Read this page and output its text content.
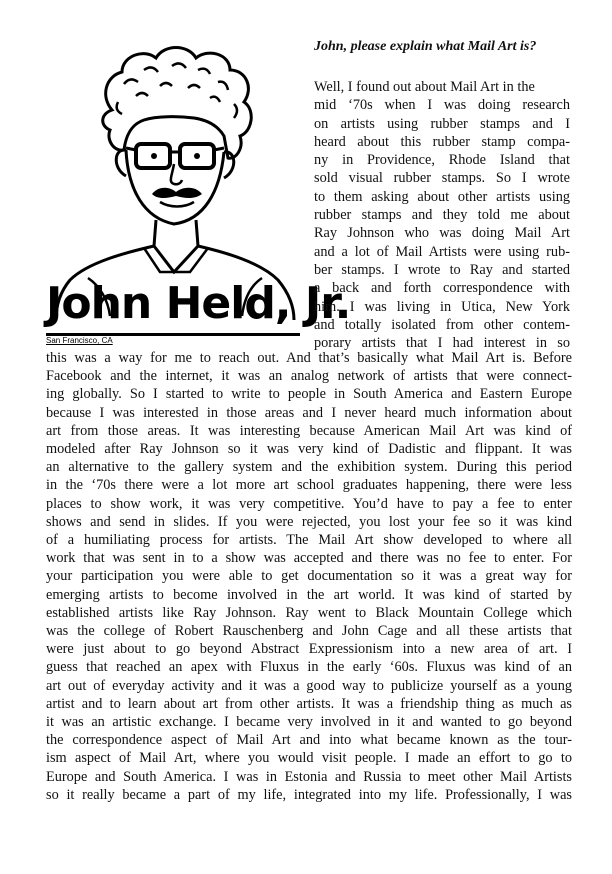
John Held, Jr.
San Francisco, CA
John, please explain what Mail Art is?
Well, I found out about Mail Art in the
mid ‘70s when I was doing research
on artists using rubber stamps and I
heard about this rubber stamp compa-
ny in Providence, Rhode Island that
sold visual rubber stamps. So I wrote
to them asking about other artists using
rubber stamps and they told me about
Ray Johnson who was doing Mail Art
and a lot of Mail Artists were using rub-
ber stamps. I wrote to Ray and started
a back and forth correspondence with
him. I was living in Utica, New York
and totally isolated from other contem-
porary artists that I had interest in so
this was a way for me to reach out. And that’s basically what Mail Art is. Before
Facebook and the internet, it was an analog network of artists that were connect-
ing globally. So I started to write to people in South America and Eastern Europe
because I was interested in those areas and I never heard much information about
art from those areas. It was interesting because American Mail Art was kind of
modeled after Ray Johnson so it was very kind of Dadistic and flippant. It was
an alternative to the gallery system and the exhibition system. During this period
in the ‘70s there were a lot more art school graduates happening, there were less
places to show work, it was very competitive. You’d have to pay a fee to enter
shows and send in slides. If you were rejected, you lost your fee so it was kind
of a humiliating process for artists. The Mail Art show developed to where all
work that was sent in to a show was accepted and there was no fee to enter. For
your participation you were able to get documentation so it was a great way for
emerging artists to become involved in the art world. It was kind of started by
established artists like Ray Johnson. Ray went to Black Mountain College which
was the college of Robert Rauschenberg and John Cage and all these artists that
were just about to go beyond Abstract Expressionism into a new area of art. I
guess that reached an apex with Fluxus in the early ‘60s. Fluxus was kind of an
art out of everyday activity and it was a good way to publicize yourself as a young
artist and to learn about art from other artists. It was a friendship thing as much as
it was an artistic exchange. I became very involved in it and wanted to go beyond
the correspondence aspect of Mail Art and into what became known as the tour-
ism aspect of Mail Art, where you would visit people. I made an effort to go to
Europe and South America. I was in Estonia and Russia to meet other Mail Artists
so it really became a part of my life, integrated into my life. Professionally, I was
